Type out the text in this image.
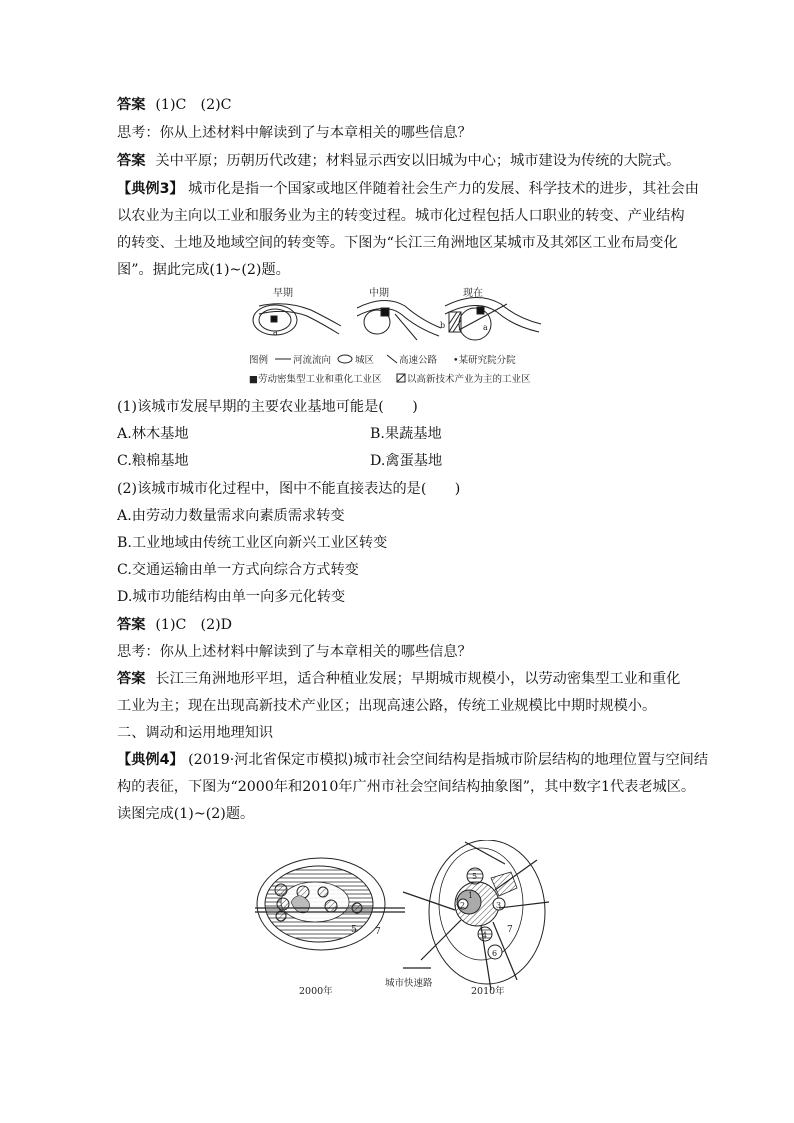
答案 (1)C　(2)C
思考：你从上述材料中解读到了与本章相关的哪些信息？
答案 关中平原；历朝历代改建；材料显示西安以旧城为中心；城市建设为传统的大院式。
【典例3】 城市化是指一个国家或地区伴随着社会生产力的发展、科学技术的进步，其社会由
以农业为主向以工业和服务业为主的转变过程。城市化过程包括人口职业的转变、产业结构
的转变、土地及地域空间的转变等。下图为“长江三角洲地区某城市及其郊区工业布局变化
图”。据此完成(1)~(2)题。
早期
a
中期	现在
b	a
图例	河流流向	城区	高速公路 •某研究院分院
■劳动密集型工业和重化工业区	以高新技术产业为主的工业区
(1)该城市发展早期的主要农业基地可能是(　　)
A.林木基地	B.果蔬基地
C.粮棉基地	D.禽蛋基地
(2)该城市城市化过程中，图中不能直接表达的是(　　)
A.由劳动力数量需求向素质需求转变
B.工业地域由传统工业区向新兴工业区转变
C.交通运输由单一方式向综合方式转变
D.城市功能结构由单一向多元化转变
答案 (1)C　(2)D
思考：你从上述材料中解读到了与本章相关的哪些信息？
答案 长江三角洲地形平坦，适合种植业发展；早期城市规模小，以劳动密集型工业和重化
工业为主；现在出现高新技术产业区；出现高速公路，传统工业规模比中期时规模小。
二、调动和运用地理知识
【典例4】 (2019·河北省保定市模拟)城市社会空间结构是指城市阶层结构的地理位置与空间结
构的表征，下图为“2000年和2010年广州市社会空间结构抽象图”，其中数字1代表老城区。
读图完成(1)~(2)题。
5 7
2000年
城市快速路
5
1
2	3
4
6
7
2010年
